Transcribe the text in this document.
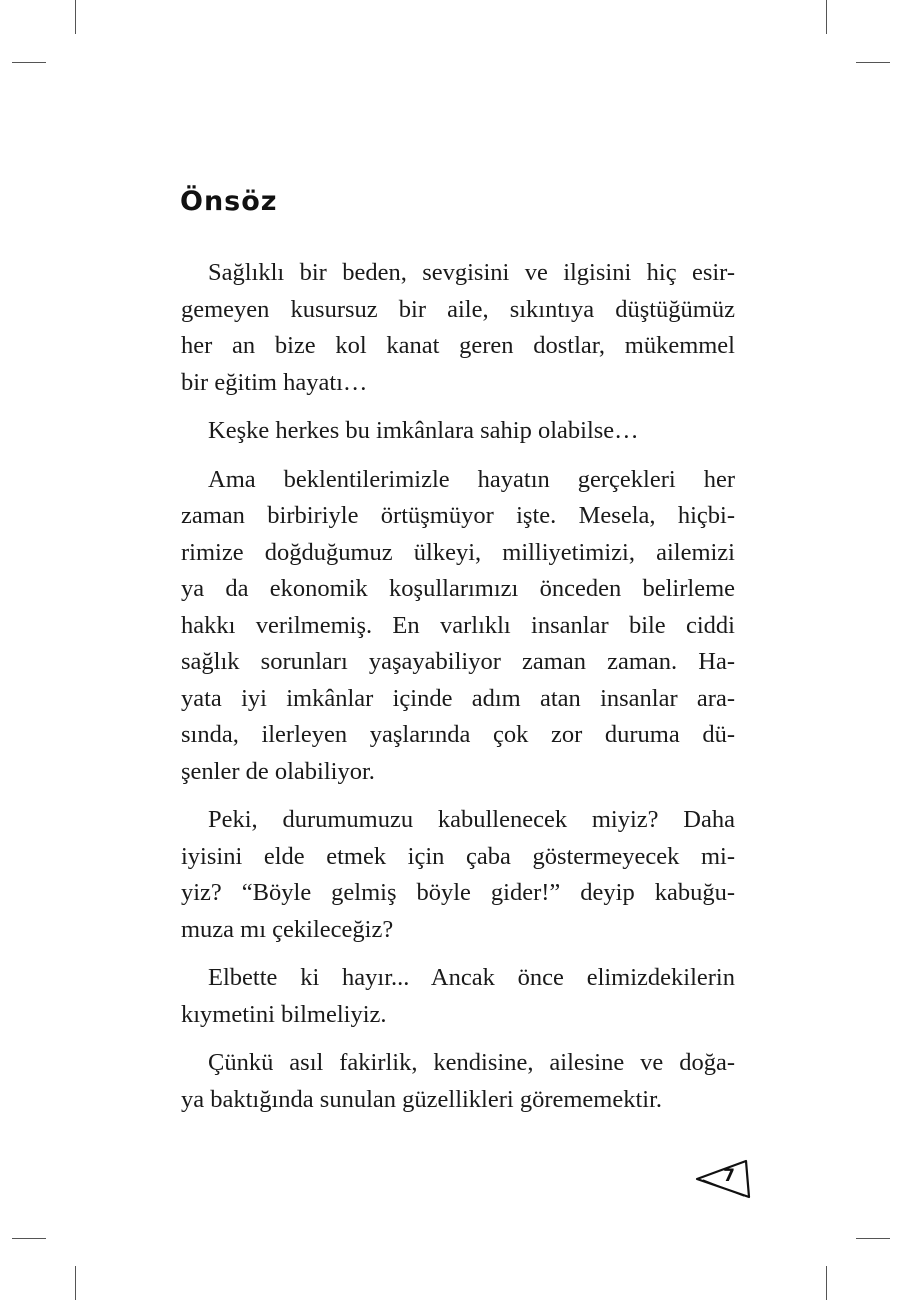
Önsöz

Sağlıklı bir beden, sevgisini ve ilgisini hiç esir-
gemeyen kusursuz bir aile, sıkıntıya düştüğümüz
her an bize kol kanat geren dostlar, mükemmel
bir eğitim hayatı…

Keşke herkes bu imkânlara sahip olabilse…

Ama beklentilerimizle hayatın gerçekleri her
zaman birbiriyle örtüşmüyor işte. Mesela, hiçbi-
rimize doğduğumuz ülkeyi, milliyetimizi, ailemizi
ya da ekonomik koşullarımızı önceden belirleme
hakkı verilmemiş. En varlıklı insanlar bile ciddi
sağlık sorunları yaşayabiliyor zaman zaman. Ha-
yata iyi imkânlar içinde adım atan insanlar ara-
sında, ilerleyen yaşlarında çok zor duruma dü-
şenler de olabiliyor.

Peki, durumumuzu kabullenecek miyiz? Daha
iyisini elde etmek için çaba göstermeyecek mi-
yiz? “Böyle gelmiş böyle gider!” deyip kabuğu-
muza mı çekileceğiz?

Elbette ki hayır... Ancak önce elimizdekilerin
kıymetini bilmeliyiz.

Çünkü asıl fakirlik, kendisine, ailesine ve doğa-
ya baktığında sunulan güzellikleri görememektir.

7
